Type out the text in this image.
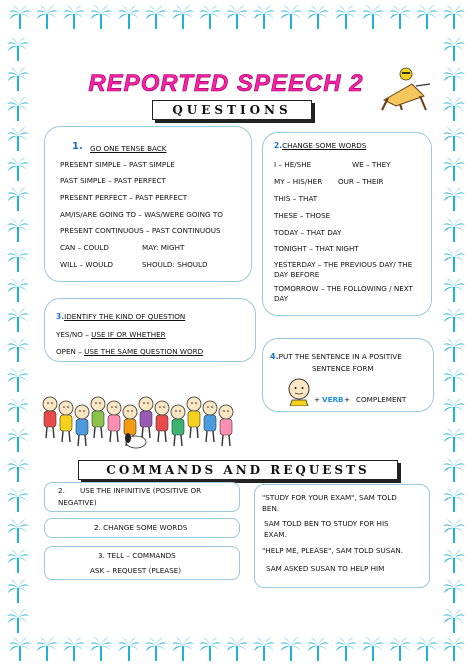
REPORTED SPEECH 2
QUESTIONS
1. GO ONE TENSE BACK
PRESENT SIMPLE – PAST SIMPLE
PAST SIMPLE – PAST PERFECT
PRESENT PERFECT – PAST PERFECT
AM/IS/ARE GOING TO – WAS/WERE GOING TO
PRESENT CONTINUOUS – PAST CONTINUOUS
CAN – COULD	MAY: MIGHT
WILL – WOULD	SHOULD: SHOULD
2.CHANGE SOME WORDS
I – HE/SHE	WE – THEY
MY – HIS/HER OUR – THEIR
THIS – THAT
THESE – THOSE
TODAY – THAT DAY
TONIGHT – THAT NIGHT
YESTERDAY – THE PREVIOUS DAY/ THE DAY BEFORE
TOMORROW – THE FOLLOWING / NEXT DAY
3.IDENTIFY THE KIND OF QUESTION
YES/NO – USE IF OR WHETHER
OPEN – USE THE SAME QUESTION WORD
4.PUT THE SENTENCE IN A POSITIVE
SENTENCE FORM
+ VERB + COMPLEMENT
COMMANDS AND REQUESTS
2. USE THE INFINITIVE (POSITIVE OR
NEGATIVE)
2. CHANGE SOME WORDS
3. TELL – COMMANDS
ASK – REQUEST (PLEASE)
"STUDY FOR YOUR EXAM", SAM TOLD
BEN.
SAM TOLD BEN TO STUDY FOR HIS
EXAM.
"HELP ME, PLEASE", SAM TOLD SUSAN.
SAM ASKED SUSAN TO HELP HIM
